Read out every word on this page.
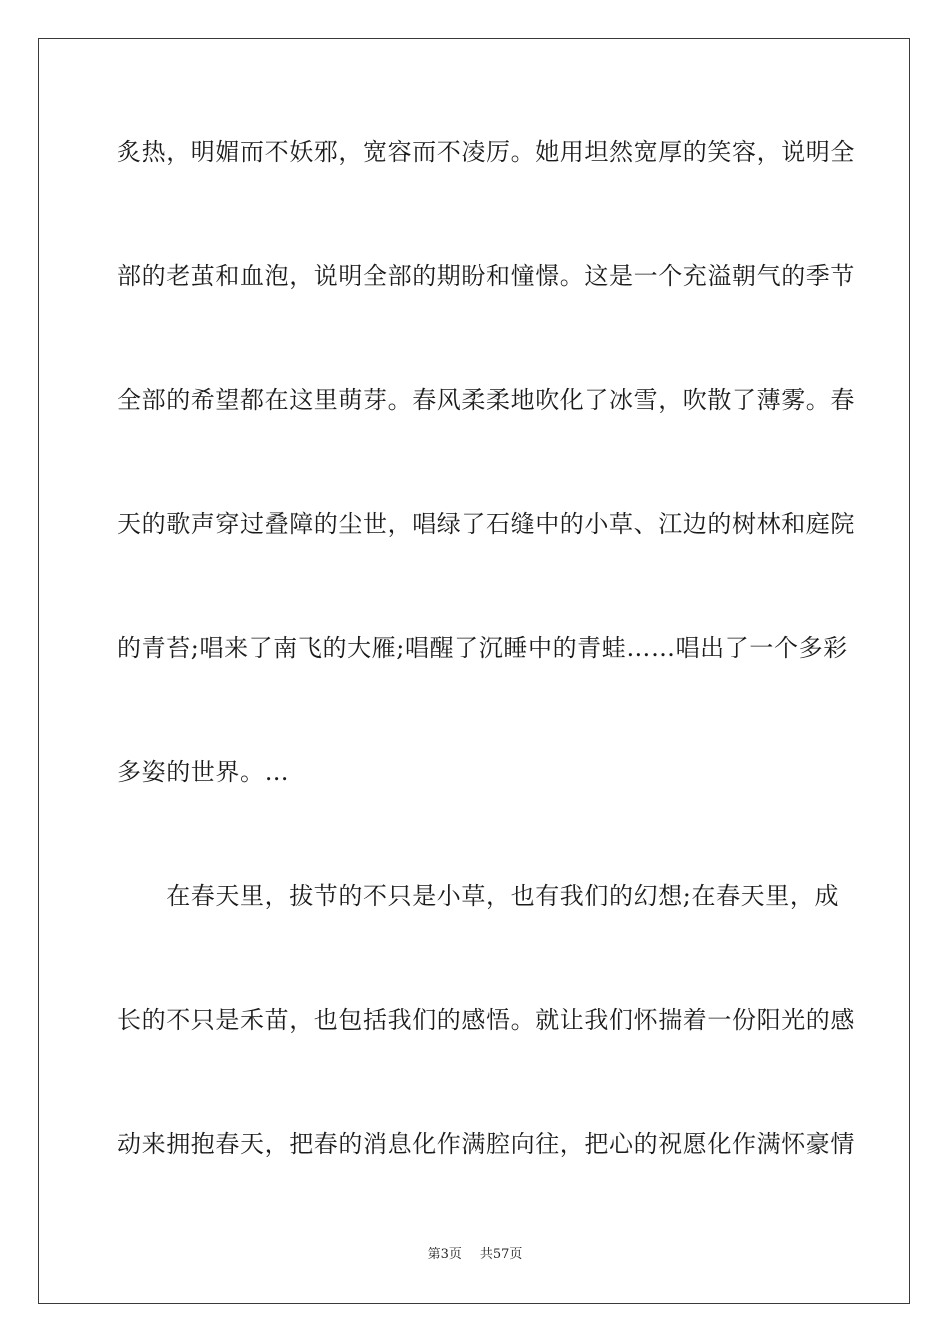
炙热，明媚而不妖邪，宽容而不凌厉。她用坦然宽厚的笑容，说明全
部的老茧和血泡，说明全部的期盼和憧憬。这是一个充溢朝气的季节
全部的希望都在这里萌芽。春风柔柔地吹化了冰雪，吹散了薄雾。春
天的歌声穿过叠障的尘世，唱绿了石缝中的小草、江边的树林和庭院
的青苔;唱来了南飞的大雁;唱醒了沉睡中的青蛙……唱出了一个多彩
多姿的世界。…
　　在春天里，拔节的不只是小草，也有我们的幻想;在春天里，成
长的不只是禾苗，也包括我们的感悟。就让我们怀揣着一份阳光的感
动来拥抱春天，把春的消息化作满腔向往，把心的祝愿化作满怀豪情
第3页 共57页
